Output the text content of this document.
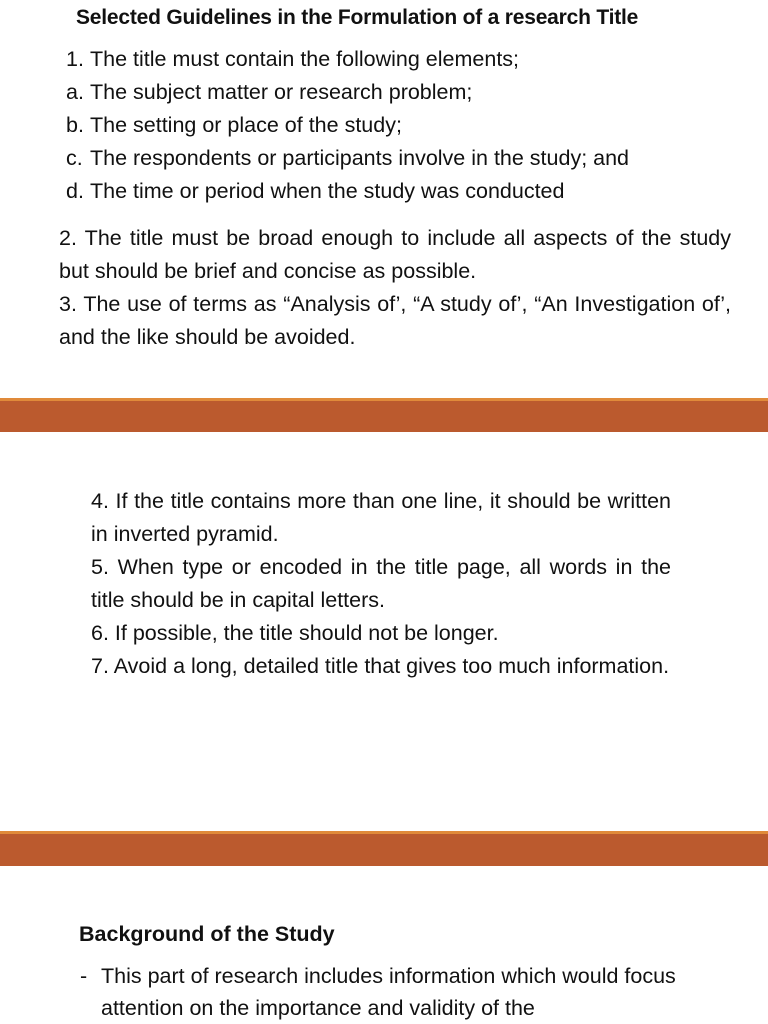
Selected Guidelines in the Formulation of a research Title
1. The title must contain the following elements;
a. The subject matter or research problem;
b. The setting or place of the study;
c. The respondents or participants involve in the study; and
d. The time or period when the study was conducted

2. The title must be broad enough to include all aspects of the study but should be brief and concise as possible.

3. The use of terms as “Analysis of’, “A study of’, “An Investigation of’, and the like should be avoided.

4. If the title contains more than one line, it should be written in inverted pyramid.

5. When type or encoded in the title page, all words in the title should be in capital letters.

6. If possible, the title should not be longer.

7. Avoid a long, detailed title that gives too much information.

Background of the Study
- This part of research includes information which would focus attention on the importance and validity of the
